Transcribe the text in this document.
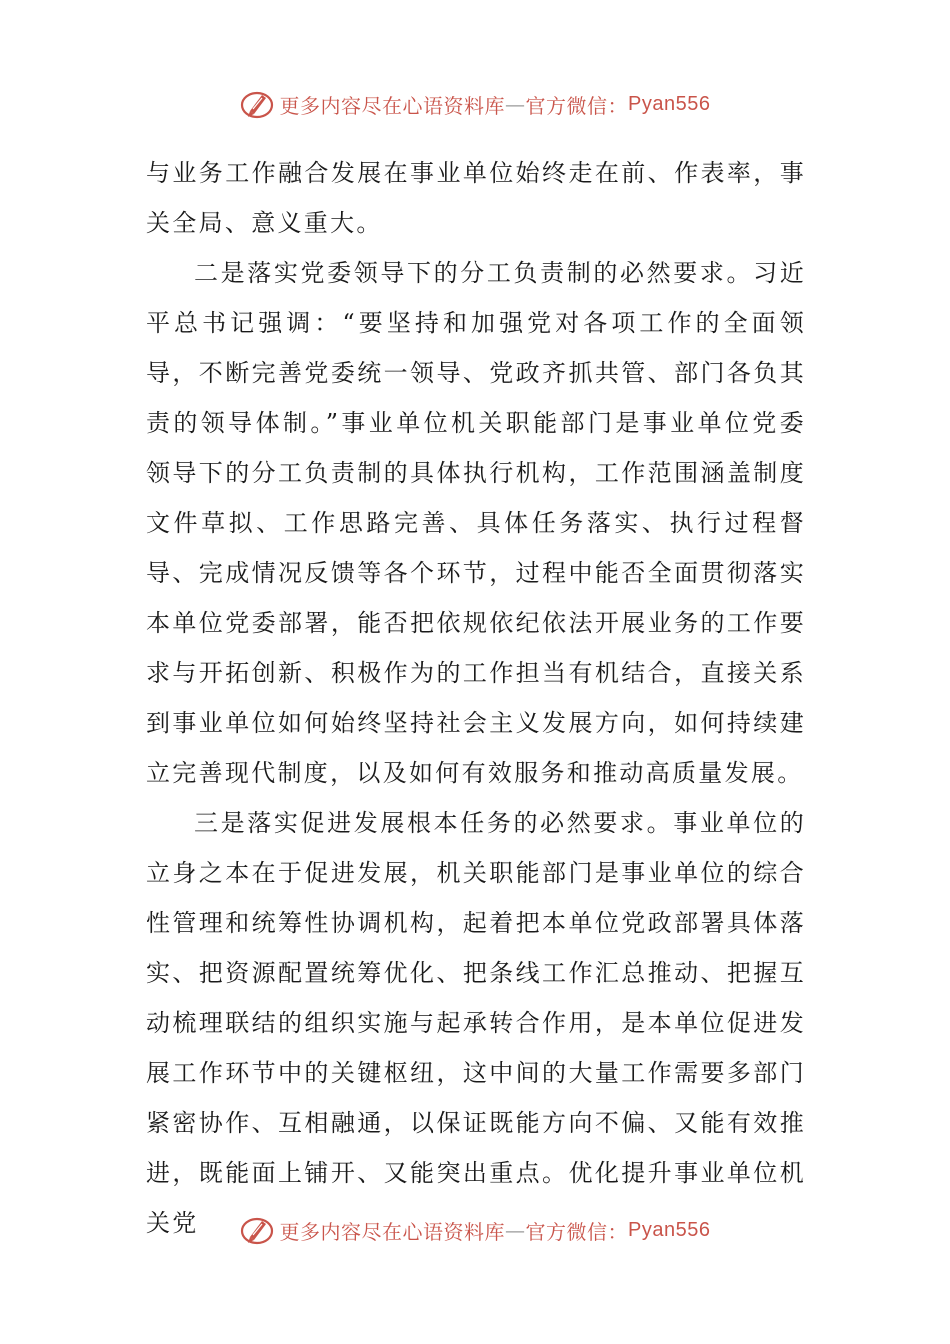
更多内容尽在心语资料库 — 官方微信： Pyan556

与业务工作融合发展在事业单位始终走在前、作表率，事关全局、意义重大。

二是落实党委领导下的分工负责制的必然要求。习近平总书记强调：“要坚持和加强党对各项工作的全面领导，不断完善党委统一领导、党政齐抓共管、部门各负其责的领导体制。”事业单位机关职能部门是事业单位党委领导下的分工负责制的具体执行机构，工作范围涵盖制度文件草拟、工作思路完善、具体任务落实、执行过程督导、完成情况反馈等各个环节，过程中能否全面贯彻落实本单位党委部署，能否把依规依纪依法开展业务的工作要求与开拓创新、积极作为的工作担当有机结合，直接关系到事业单位如何始终坚持社会主义发展方向，如何持续建立完善现代制度，以及如何有效服务和推动高质量发展。

三是落实促进发展根本任务的必然要求。事业单位的立身之本在于促进发展，机关职能部门是事业单位的综合性管理和统筹性协调机构，起着把本单位党政部署具体落实、把资源配置统筹优化、把条线工作汇总推动、把握互动梳理联结的组织实施与起承转合作用，是本单位促进发展工作环节中的关键枢纽，这中间的大量工作需要多部门紧密协作、互相融通，以保证既能方向不偏、又能有效推进，既能面上铺开、又能突出重点。优化提升事业单位机关党	更多内容尽在心语资料库 — 官方微信： Pyan556
